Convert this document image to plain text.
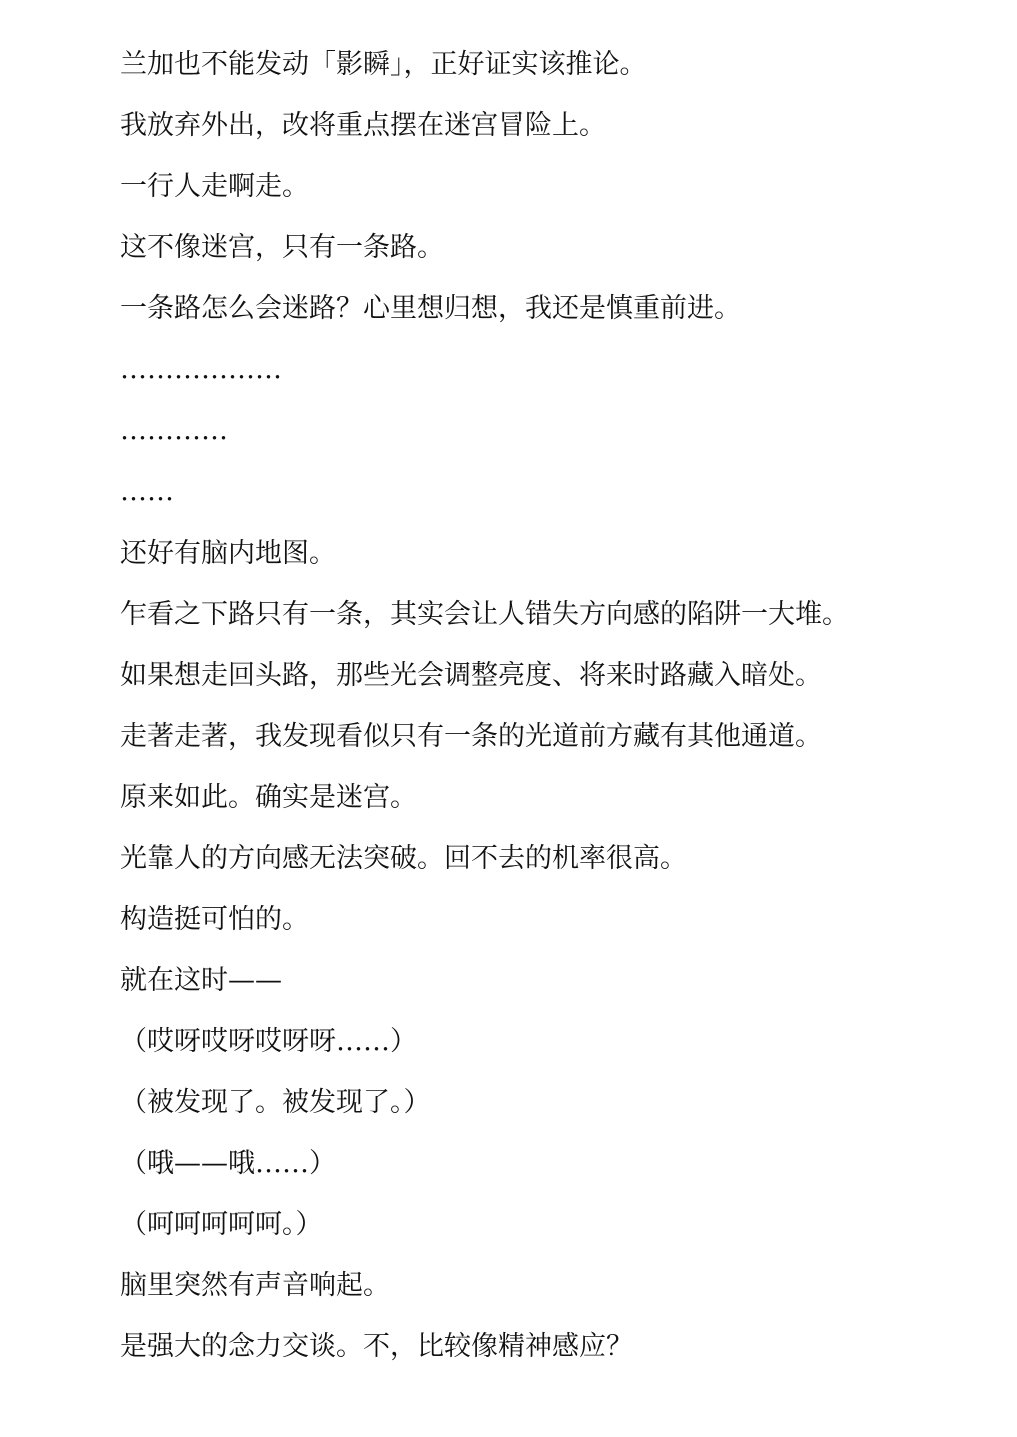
兰加也不能发动「影瞬」，正好证实该推论。

我放弃外出，改将重点摆在迷宫冒险上。

一行人走啊走。

这不像迷宫，只有一条路。

一条路怎么会迷路？心里想归想，我还是慎重前进。

………………

…………

……

还好有脑内地图。

乍看之下路只有一条，其实会让人错失方向感的陷阱一大堆。

如果想走回头路，那些光会调整亮度、将来时路藏入暗处。

走著走著，我发现看似只有一条的光道前方藏有其他通道。

原来如此。确实是迷宫。

光靠人的方向感无法突破。回不去的机率很高。

构造挺可怕的。

就在这时——

（哎呀哎呀哎呀呀……）

（被发现了。被发现了。）

（哦——哦……）

（呵呵呵呵呵。）

脑里突然有声音响起。

是强大的念力交谈。不，比较像精神感应？
